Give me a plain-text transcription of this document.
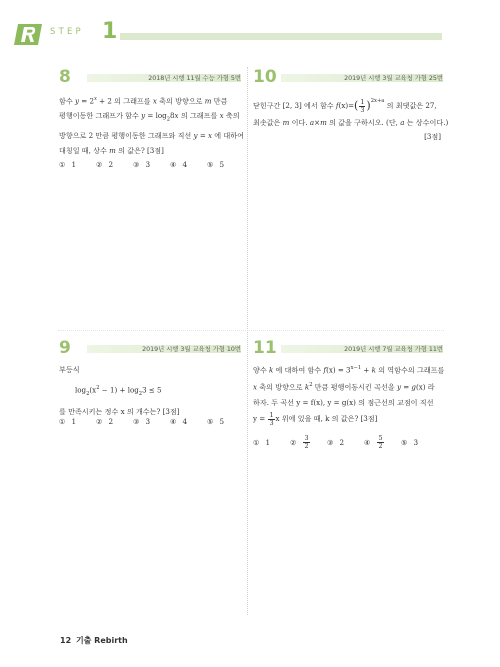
STEP 1
8	2018년 시행 11월 수능 가형 5번
함수 $y = 2^x + 2$ 의 그래프를 x 축의 방향으로 m 만큼
평행이동한 그래프가 함수 $y = \log_28x$ 의 그래프를 x 축의
방향으로 2 만큼 평행이동한 그래프와 직선 y = x 에 대하여
대칭일 때, 상수 m 의 값은? [3점]
① 1	② 2	③ 3	④ 4	⑤ 5
10	2019년 시행 3월 교육청 가형 25번
닫힌구간 [2, 3] 에서 함수 $f(x)=( \frac{1}{3} )^{2x+a}$ 의 최댓값은 27,
최솟값은 m 이다. a×m 의 값을 구하시오. (단, a 는 상수이다.)
[3점]
9	2019년 시행 3월 교육청 가형 10번
부등식
$\log_2(x^2 - 1) + \log_23 \le 5$
를 만족시키는 정수 x 의 개수는? [3점]
① 1	② 2	③ 3	④ 4	⑤ 5
11	2019년 시행 7월 교육청 가형 11번
양수 k 에 대하여 함수 $f(x) = 3^{x-1} + k$ 의 역함수의 그래프를
x 축의 방향으로 $k^2$ 만큼 평행이동시킨 곡선을 y = g(x) 라
하자. 두 곡선 y = f(x), y = g(x) 의 점근선의 교점이 직선
$y = \frac{1}{3}$ x 위에 있을 때, k 의 값은? [3점]
① 1	② $\frac{3}{2}$ ③ 2	④ $\frac{5}{2}$ ⑤ 3
12 기출 Rebirth
